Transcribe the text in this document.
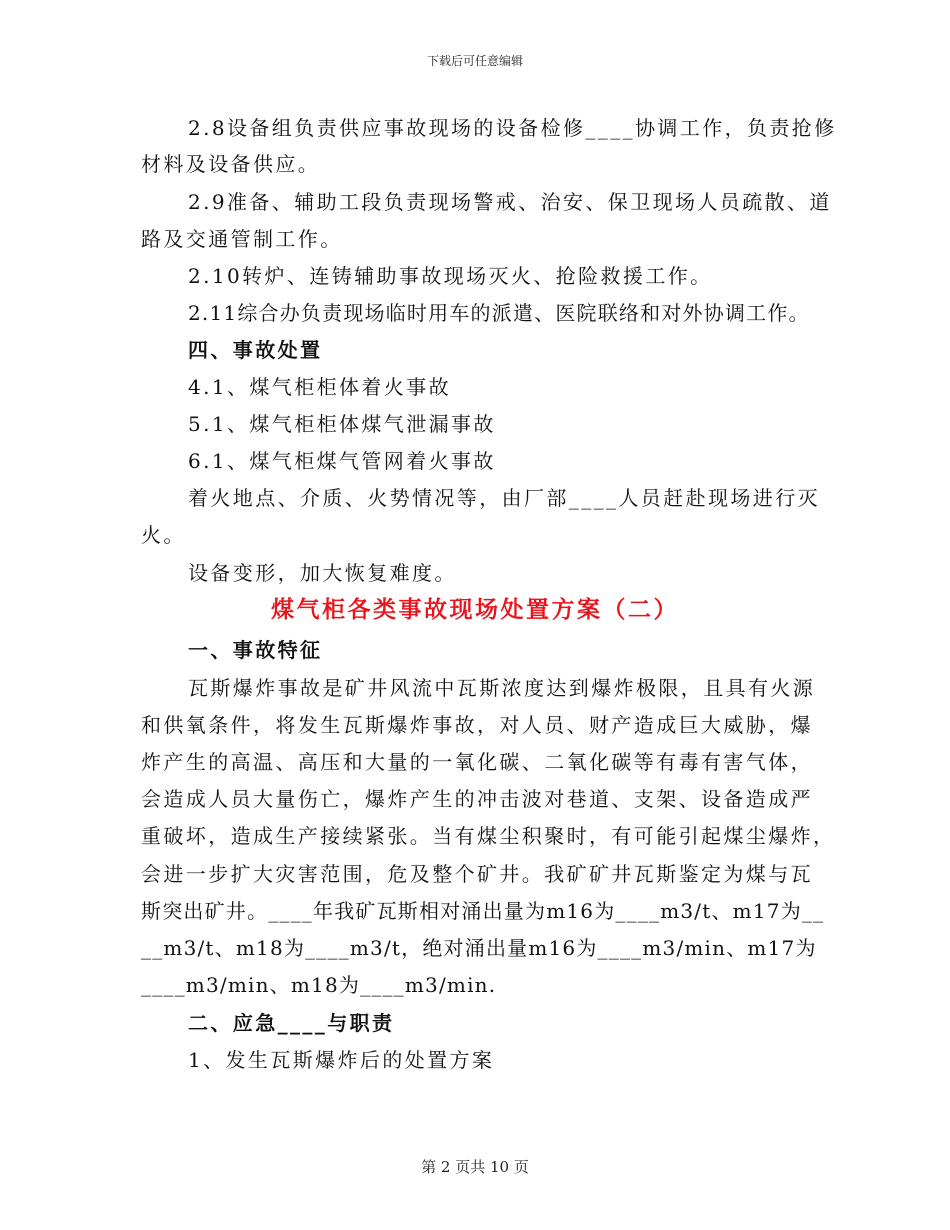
下载后可任意编辑
2.8设备组负责供应事故现场的设备检修____协调工作，负责抢修
材料及设备供应。
2.9准备、辅助工段负责现场警戒、治安、保卫现场人员疏散、道
路及交通管制工作。
2.10转炉、连铸辅助事故现场灭火、抢险救援工作。
2.11综合办负责现场临时用车的派遣、医院联络和对外协调工作。
四、事故处置
4.1、煤气柜柜体着火事故
5.1、煤气柜柜体煤气泄漏事故
6.1、煤气柜煤气管网着火事故
着火地点、介质、火势情况等，由厂部____人员赶赴现场进行灭
火。
设备变形，加大恢复难度。
煤气柜各类事故现场处置方案（二）
一、事故特征
瓦斯爆炸事故是矿井风流中瓦斯浓度达到爆炸极限，且具有火源
和供氧条件，将发生瓦斯爆炸事故，对人员、财产造成巨大威胁，爆
炸产生的高温、高压和大量的一氧化碳、二氧化碳等有毒有害气体，
会造成人员大量伤亡，爆炸产生的冲击波对巷道、支架、设备造成严
重破坏，造成生产接续紧张。当有煤尘积聚时，有可能引起煤尘爆炸，
会进一步扩大灾害范围，危及整个矿井。我矿矿井瓦斯鉴定为煤与瓦
斯突出矿井。____年我矿瓦斯相对涌出量为m16为____m3/t、m17为__
__m3/t、m18为____m3/t，绝对涌出量m16为____m3/min、m17为
____m3/min、m18为____m3/min.
二、应急____与职责
1、发生瓦斯爆炸后的处置方案
第 2 页共 10 页
